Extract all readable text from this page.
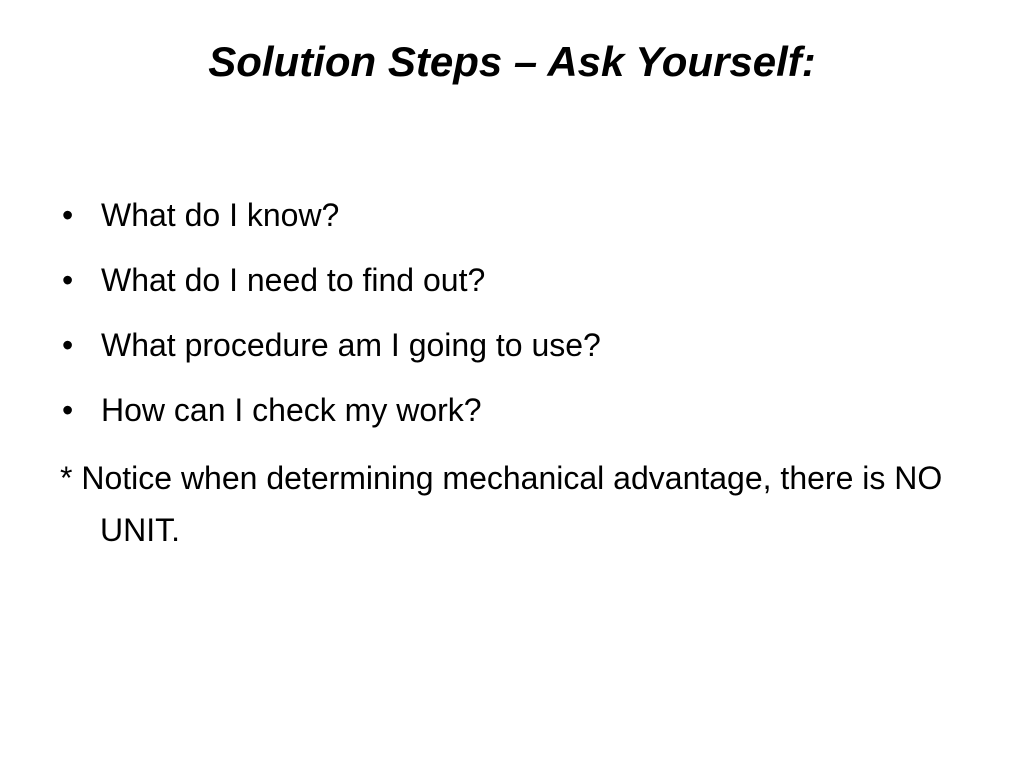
Solution Steps – Ask Yourself:
• What do I know?
• What do I need to find out?
• What procedure am I going to use?
• How can I check my work?

* Notice when determining mechanical advantage, there is NO UNIT.
